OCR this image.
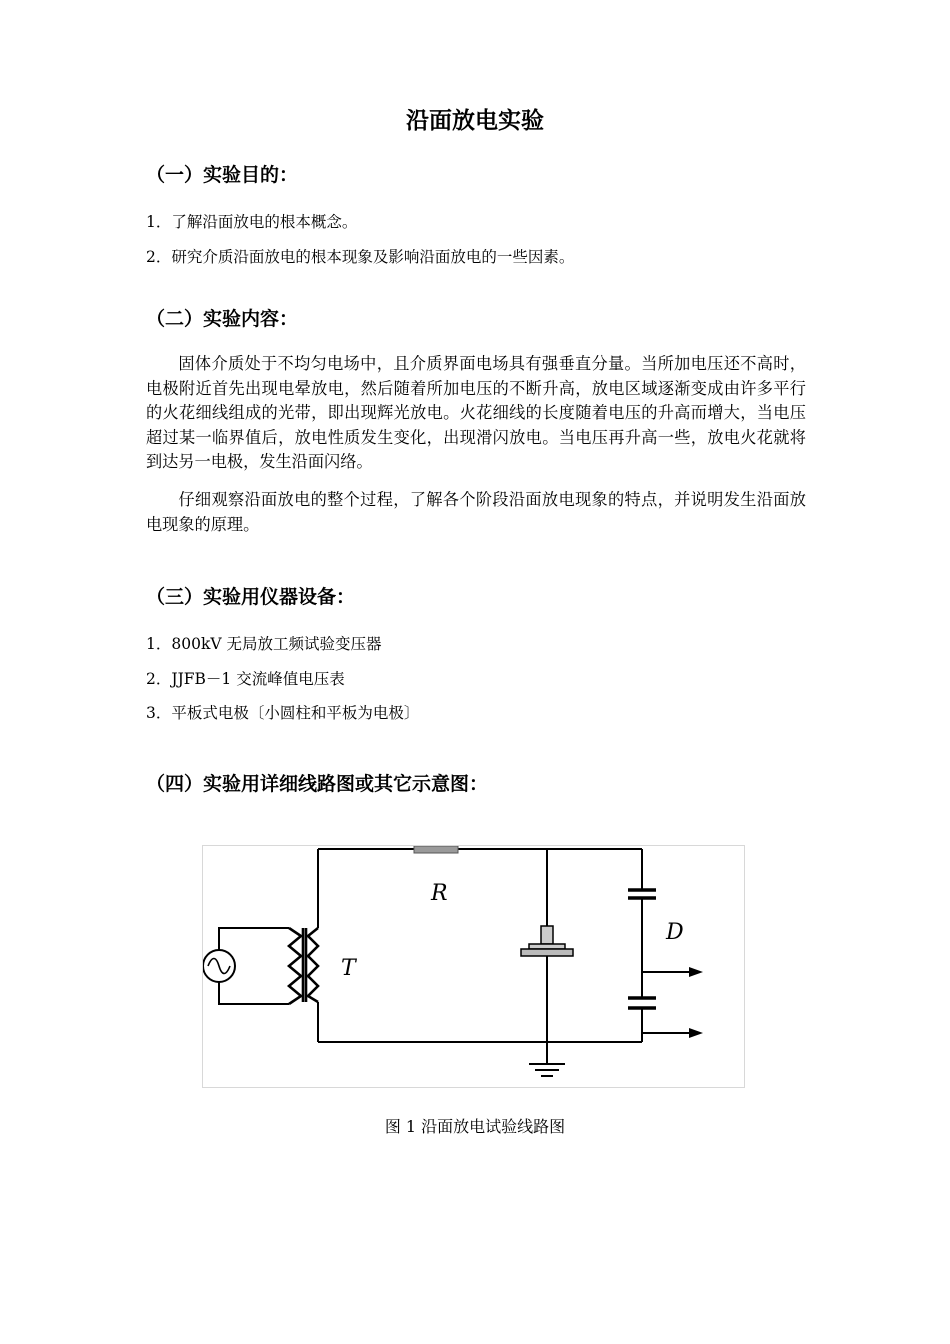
沿面放电实验
（一）实验目的：
1．了解沿面放电的根本概念。
2．研究介质沿面放电的根本现象及影响沿面放电的一些因素。
（二）实验内容：

固体介质处于不均匀电场中，且介质界面电场具有强垂直分量。当所加电压还不高时，电极附近首先出现电晕放电，然后随着所加电压的不断升高，放电区域逐渐变成由许多平行的火花细线组成的光带，即出现辉光放电。火花细线的长度随着电压的升高而增大，当电压超过某一临界值后，放电性质发生变化，出现滑闪放电。当电压再升高一些，放电火花就将到达另一电极，发生沿面闪络。

仔细观察沿面放电的整个过程，了解各个阶段沿面放电现象的特点，并说明发生沿面放电现象的原理。

（三）实验用仪器设备：
1．800kV 无局放工频试验变压器
2．JJFB－1 交流峰值电压表
3．平板式电极〔小圆柱和平板为电极〕
（四）实验用详细线路图或其它示意图：
R
T
D
图 1 沿面放电试验线路图
